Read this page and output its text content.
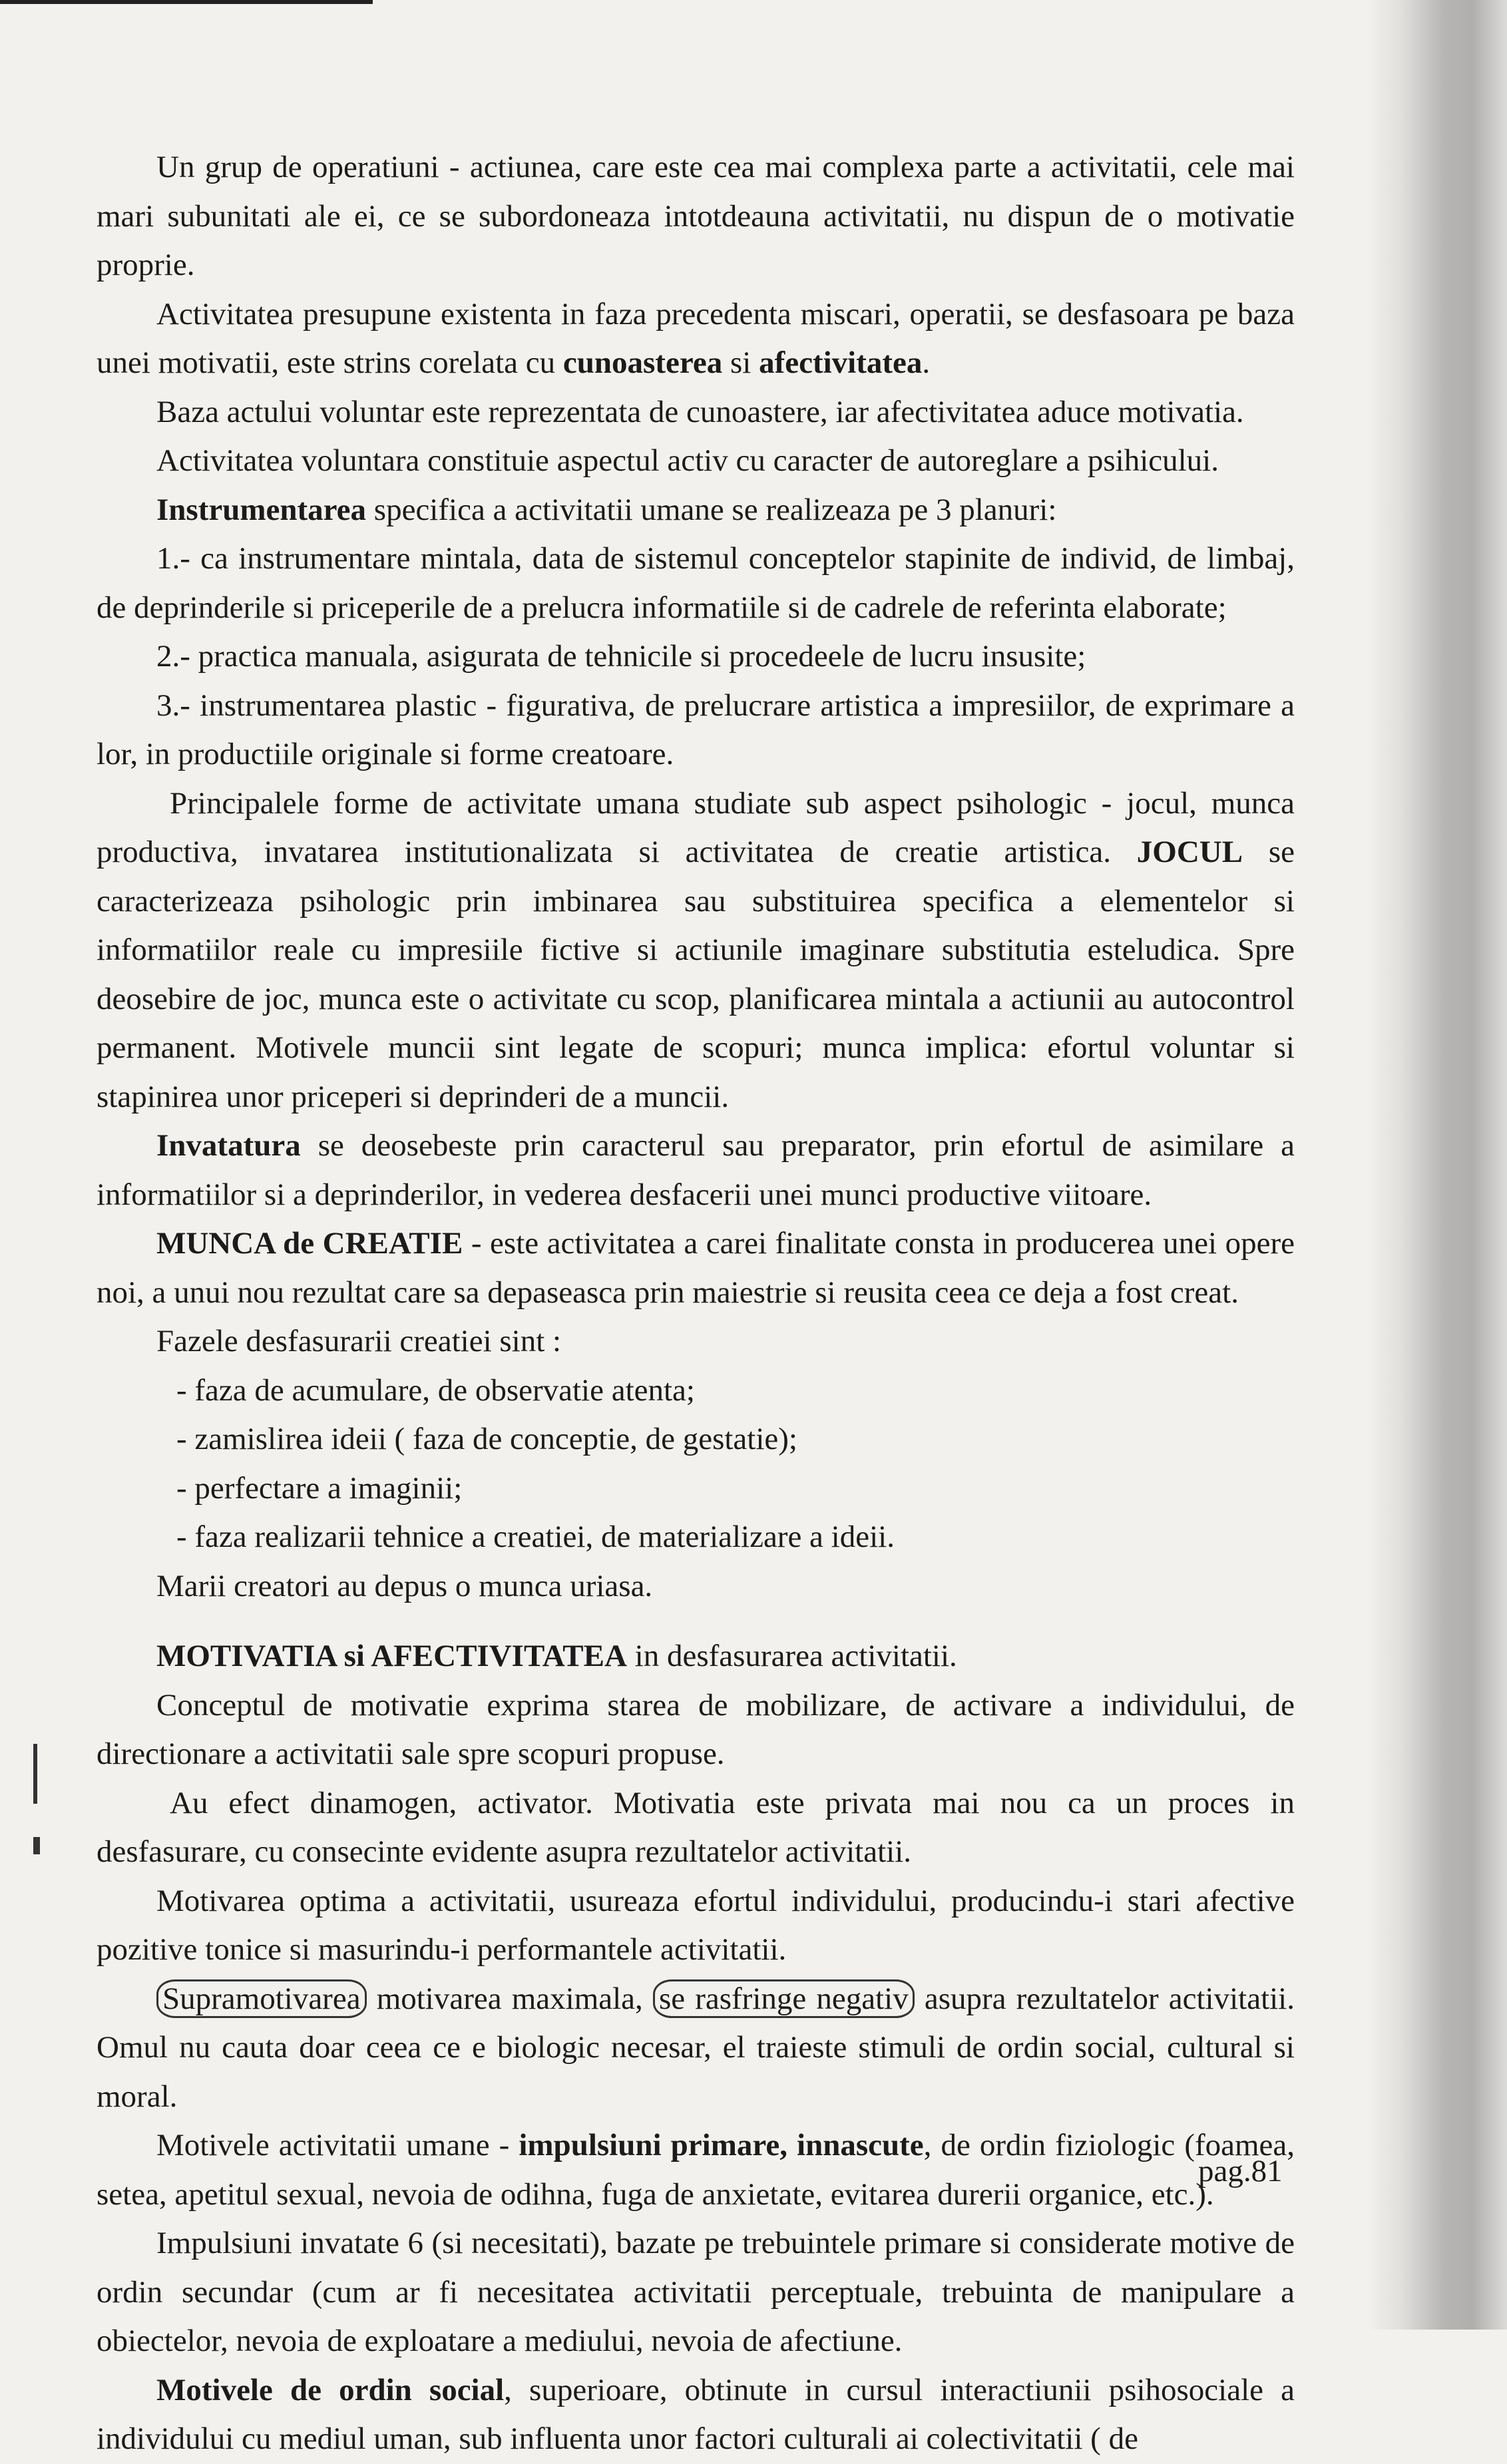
Un grup de operatiuni - actiunea, care este cea mai complexa parte a activitatii, cele mai mari subunitati ale ei, ce se subordoneaza intotdeauna activitatii, nu dispun de o motivatie proprie.

Activitatea presupune existenta in faza precedenta miscari, operatii, se desfasoara pe baza unei motivatii, este strins corelata cu cunoasterea si afectivitatea.

Baza actului voluntar este reprezentata de cunoastere, iar afectivitatea aduce motivatia.

Activitatea voluntara constituie aspectul activ cu caracter de autoreglare a psihicului.

Instrumentarea specifica a activitatii umane se realizeaza pe 3 planuri:

1.- ca instrumentare mintala, data de sistemul conceptelor stapinite de individ, de limbaj, de deprinderile si priceperile de a prelucra informatiile si de cadrele de referinta elaborate;

2.- practica manuala, asigurata de tehnicile si procedeele de lucru insusite;

3.- instrumentarea plastic - figurativa, de prelucrare artistica a impresiilor, de exprimare a lor, in productiile originale si forme creatoare.

Principalele forme de activitate umana studiate sub aspect psihologic - jocul, munca productiva, invatarea institutionalizata si activitatea de creatie artistica. JOCUL se caracterizeaza psihologic prin imbinarea sau substituirea specifica a elementelor si informatiilor reale cu impresiile fictive si actiunile imaginare substitutia esteludica. Spre deosebire de joc, munca este o activitate cu scop, planificarea mintala a actiunii au autocontrol permanent. Motivele muncii sint legate de scopuri; munca implica: efortul voluntar si stapinirea unor priceperi si deprinderi de a muncii.

Invatatura se deosebeste prin caracterul sau preparator, prin efortul de asimilare a informatiilor si a deprinderilor, in vederea desfacerii unei munci productive viitoare.

MUNCA de CREATIE - este activitatea a carei finalitate consta in producerea unei opere noi, a unui nou rezultat care sa depaseasca prin maiestrie si reusita ceea ce deja a fost creat.

Fazele desfasurarii creatiei sint :

- faza de acumulare, de observatie atenta;

- zamislirea ideii ( faza de conceptie, de gestatie);

- perfectare a imaginii;

- faza realizarii tehnice a creatiei, de materializare a ideii.

Marii creatori au depus o munca uriasa.

MOTIVATIA si AFECTIVITATEA in desfasurarea activitatii.

Conceptul de motivatie exprima starea de mobilizare, de activare a individului, de directionare a activitatii sale spre scopuri propuse.

Au efect dinamogen, activator. Motivatia este privata mai nou ca un proces in desfasurare, cu consecinte evidente asupra rezultatelor activitatii.

Motivarea optima a activitatii, usureaza efortul individului, producindu-i stari afective pozitive tonice si masurindu-i performantele activitatii.

Supramotivarea motivarea maximala, se rasfringe negativ asupra rezultatelor activitatii. Omul nu cauta doar ceea ce e biologic necesar, el traieste stimuli de ordin social, cultural si moral.

Motivele activitatii umane - impulsiuni primare, innascute, de ordin fiziologic (foamea, setea, apetitul sexual, nevoia de odihna, fuga de anxietate, evitarea durerii organice, etc.).

Impulsiuni invatate 6 (si necesitati), bazate pe trebuintele primare si considerate motive de ordin secundar (cum ar fi necesitatea activitatii perceptuale, trebuinta de manipulare a obiectelor, nevoia de exploatare a mediului, nevoia de afectiune.

Motivele de ordin social, superioare, obtinute in cursul interactiunii psihosociale a individului cu mediul uman, sub influenta unor factori culturali ai colectivitatii ( de

pag.81
